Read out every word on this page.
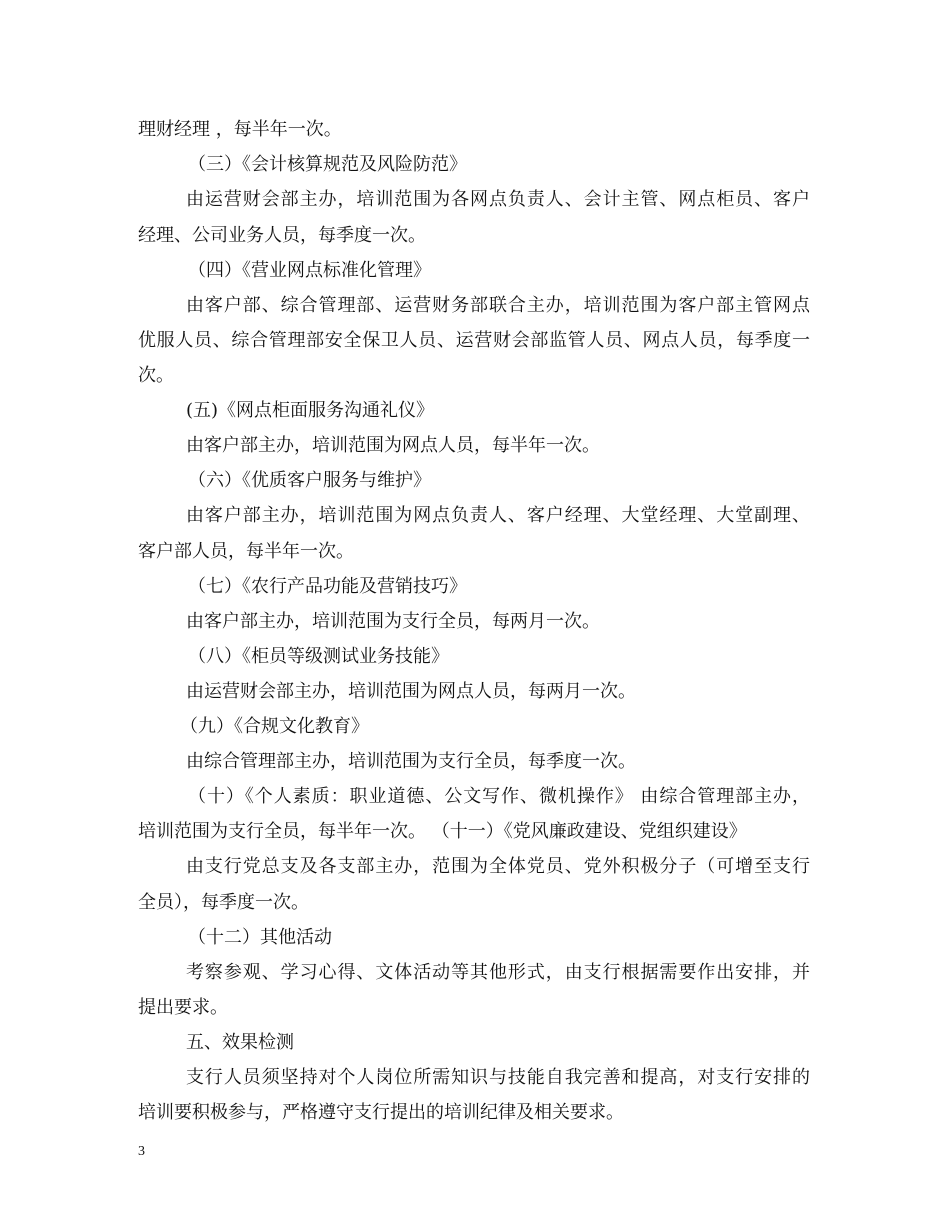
理财经理 ，每半年一次。
（三）《会计核算规范及风险防范》
由运营财会部主办，培训范围为各网点负责人、会计主管、网点柜员、客户
经理、公司业务人员，每季度一次。
（四）《营业网点标准化管理》
由客户部、综合管理部、运营财务部联合主办，培训范围为客户部主管网点
优服人员、综合管理部安全保卫人员、运营财会部监管人员、网点人员，每季度一
次。
(五)《网点柜面服务沟通礼仪》
由客户部主办，培训范围为网点人员，每半年一次。
（六）《优质客户服务与维护》
由客户部主办，培训范围为网点负责人、客户经理、大堂经理、大堂副理、
客户部人员，每半年一次。
（七）《农行产品功能及营销技巧》
由客户部主办，培训范围为支行全员，每两月一次。
（八）《柜员等级测试业务技能》
由运营财会部主办，培训范围为网点人员，每两月一次。
（九）《合规文化教育》
由综合管理部主办，培训范围为支行全员，每季度一次。
（十）《个人素质：职业道德、公文写作、微机操作》 由综合管理部主办，
培训范围为支行全员，每半年一次。 （十一）《党风廉政建设、党组织建设》
由支行党总支及各支部主办，范围为全体党员、党外积极分子（可增至支行
全员），每季度一次。
（十二）其他活动
考察参观、学习心得、文体活动等其他形式，由支行根据需要作出安排，并
提出要求。
五、效果检测
支行人员须坚持对个人岗位所需知识与技能自我完善和提高，对支行安排的
培训要积极参与，严格遵守支行提出的培训纪律及相关要求。
3
